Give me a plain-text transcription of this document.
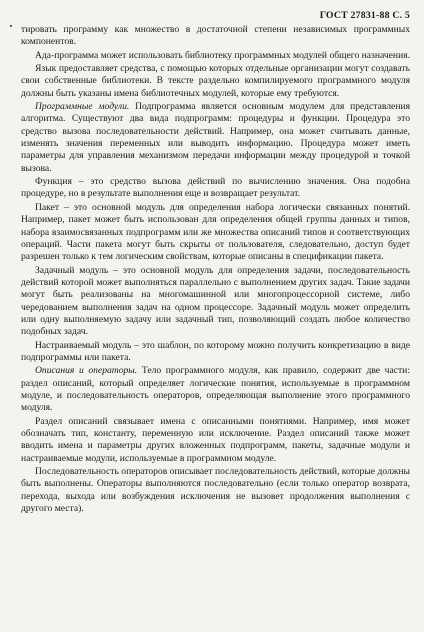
ГОСТ 27831-88 С. 5

тировать программу как множество в достаточной степени независимых программных компонентов.

Ада-программа может использовать библиотеку программных модулей общего назначения.

Язык предоставляет средства, с помощью которых отдельные организации могут создавать свои собственные библиотеки. В тексте раздельно компилируемого программного модуля должны быть указаны имена библиотечных модулей, которые ему требуются.

Программные модули. Подпрограмма является основным модулем для представления алгоритма. Существуют два вида подпрограмм: процедуры и функции. Процедура это средство вызова последовательности действий. Например, она может считывать данные, изменять значения переменных или выводить информацию. Процедура может иметь параметры для управления механизмом передачи информации между процедурой и точкой вызова.

Функция – это средство вызова действий по вычислению значения. Она подобна процедуре, но в результате выполнения еще и возвращает результат.

Пакет – это основной модуль для определения набора логически связанных понятий. Например, пакет может быть использован для определения общей группы данных и типов, набора взаимосвязанных подпрограмм или же множества описаний типов и соответствующих операций. Части пакета могут быть скрыты от пользователя, следовательно, доступ будет разрешен только к тем логическим свойствам, которые описаны в спецификации пакета.

Задачный модуль – это основной модуль для определения задачи, последовательность действий которой может выполняться параллельно с выполнением других задач. Такие задачи могут быть реализованы на многомашинной или многопроцессорной системе, либо чередованием выполнения задач на одном процессоре. Задачный модуль может определить или одну выполняемую задачу или задачный тип, позволяющий создать любое количество подобных задач.

Настраиваемый модуль – это шаблон, по которому можно получить конкретизацию в виде подпрограммы или пакета.

Описания и операторы. Тело программного модуля, как правило, содержит две части: раздел описаний, который определяет логические понятия, используемые в программном модуле, и последовательность операторов, определяющая выполнение этого программного модуля.

Раздел описаний связывает имена с описанными понятиями. Например, имя может обозначать тип, константу, переменную или исключение. Раздел описаний также может вводить имена и параметры других вложенных подпрограмм, пакеты, задачные модули и настраиваемые модули, используемые в программном модуле.

Последовательность операторов описывает последовательность действий, которые должны быть выполнены. Операторы выполняются последовательно (если только оператор возврата, перехода, выхода или возбуждения исключения не вызовет продолжения выполнения с другого места).
